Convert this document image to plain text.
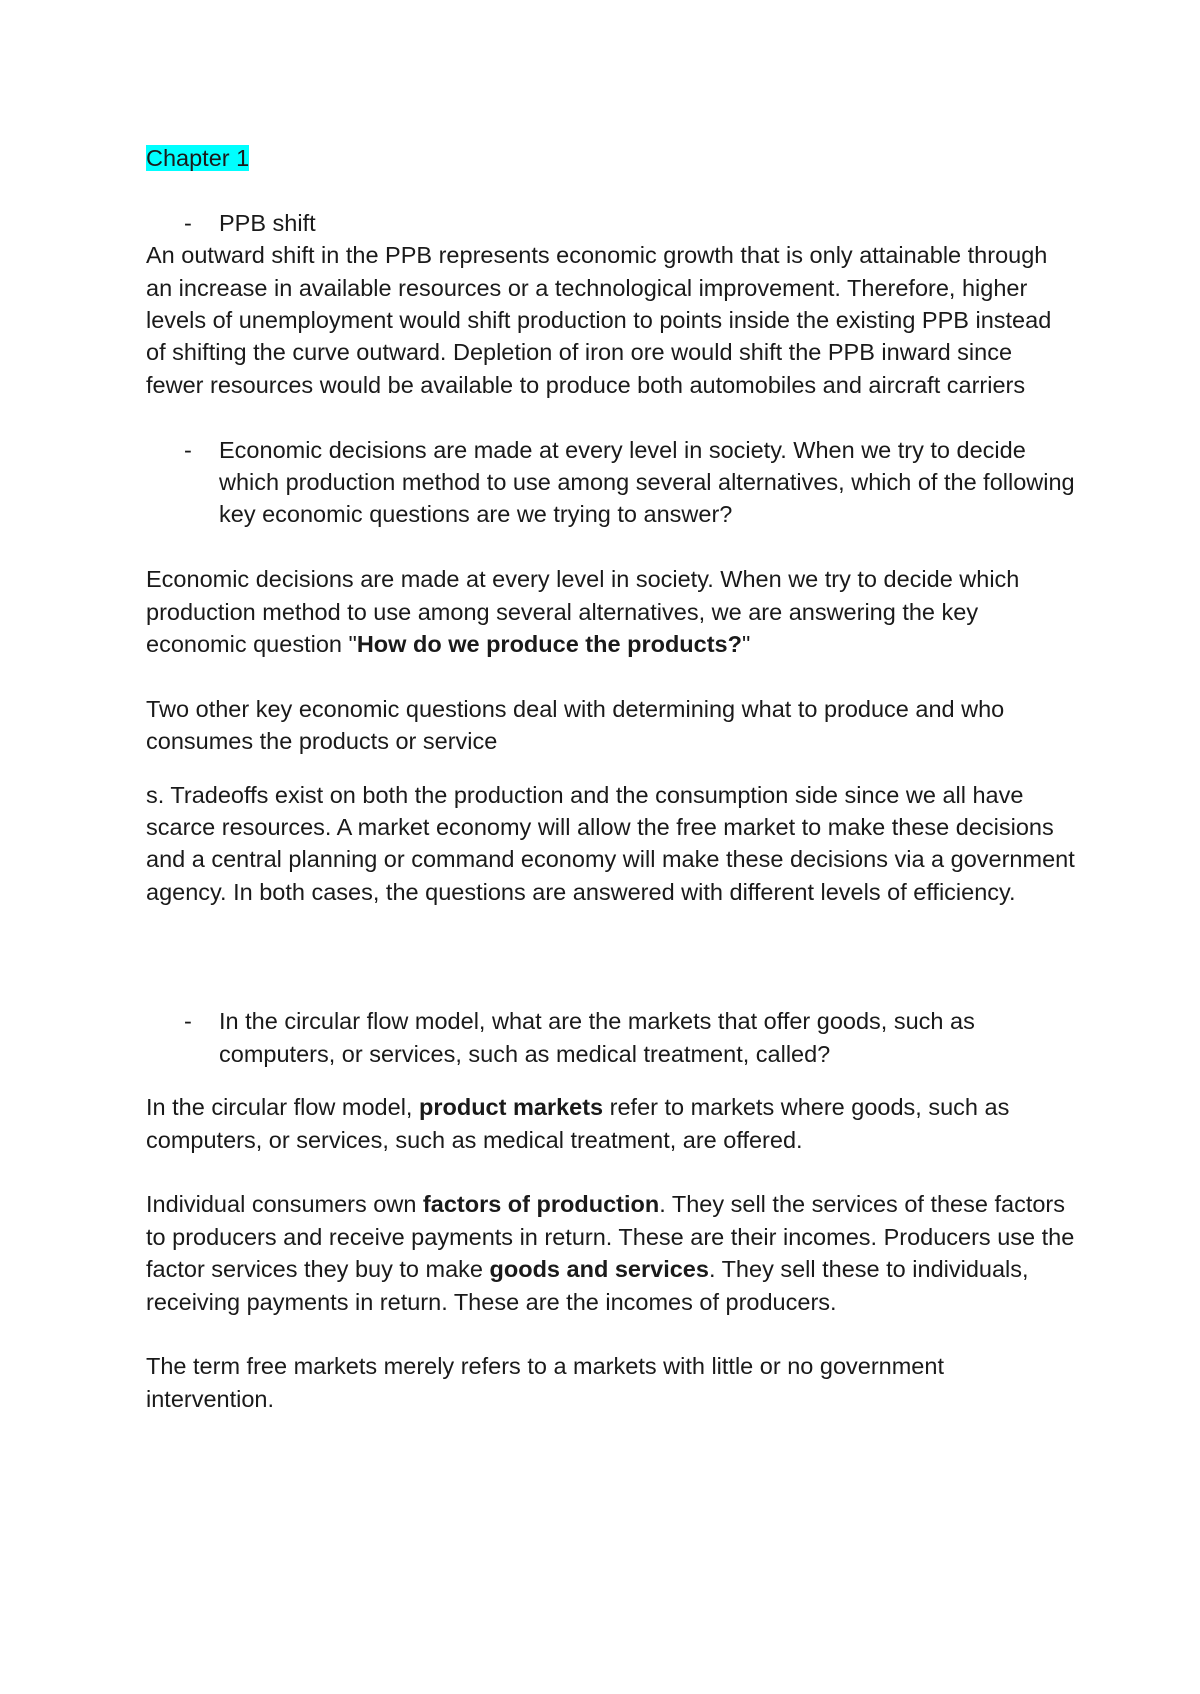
Chapter 1

- PPB shift

An outward shift in the PPB represents economic growth that is only attainable through an increase in available resources or a technological improvement. Therefore, higher levels of unemployment would shift production to points inside the existing PPB instead of shifting the curve outward. Depletion of iron ore would shift the PPB inward since fewer resources would be available to produce both automobiles and aircraft carriers

- Economic decisions are made at every level in society. When we try to decide which production method to use among several alternatives, which of the following key economic questions are we trying to answer?

Economic decisions are made at every level in society. When we try to decide which production method to use among several alternatives, we are answering the key economic question "How do we produce the products?"

Two other key economic questions deal with determining what to produce and who consumes the products or service

s. Tradeoffs exist on both the production and the consumption side since we all have scarce resources. A market economy will allow the free market to make these decisions and a central planning or command economy will make these decisions via a government agency. In both cases, the questions are answered with different levels of efficiency.

- In the circular flow model, what are the markets that offer goods, such as computers, or services, such as medical treatment, called?

In the circular flow model, product markets refer to markets where goods, such as computers, or services, such as medical treatment, are offered.

Individual consumers own factors of production. They sell the services of these factors to producers and receive payments in return. These are their incomes. Producers use the factor services they buy to make goods and services. They sell these to individuals, receiving payments in return. These are the incomes of producers.

The term free markets merely refers to a markets with little or no government intervention.
